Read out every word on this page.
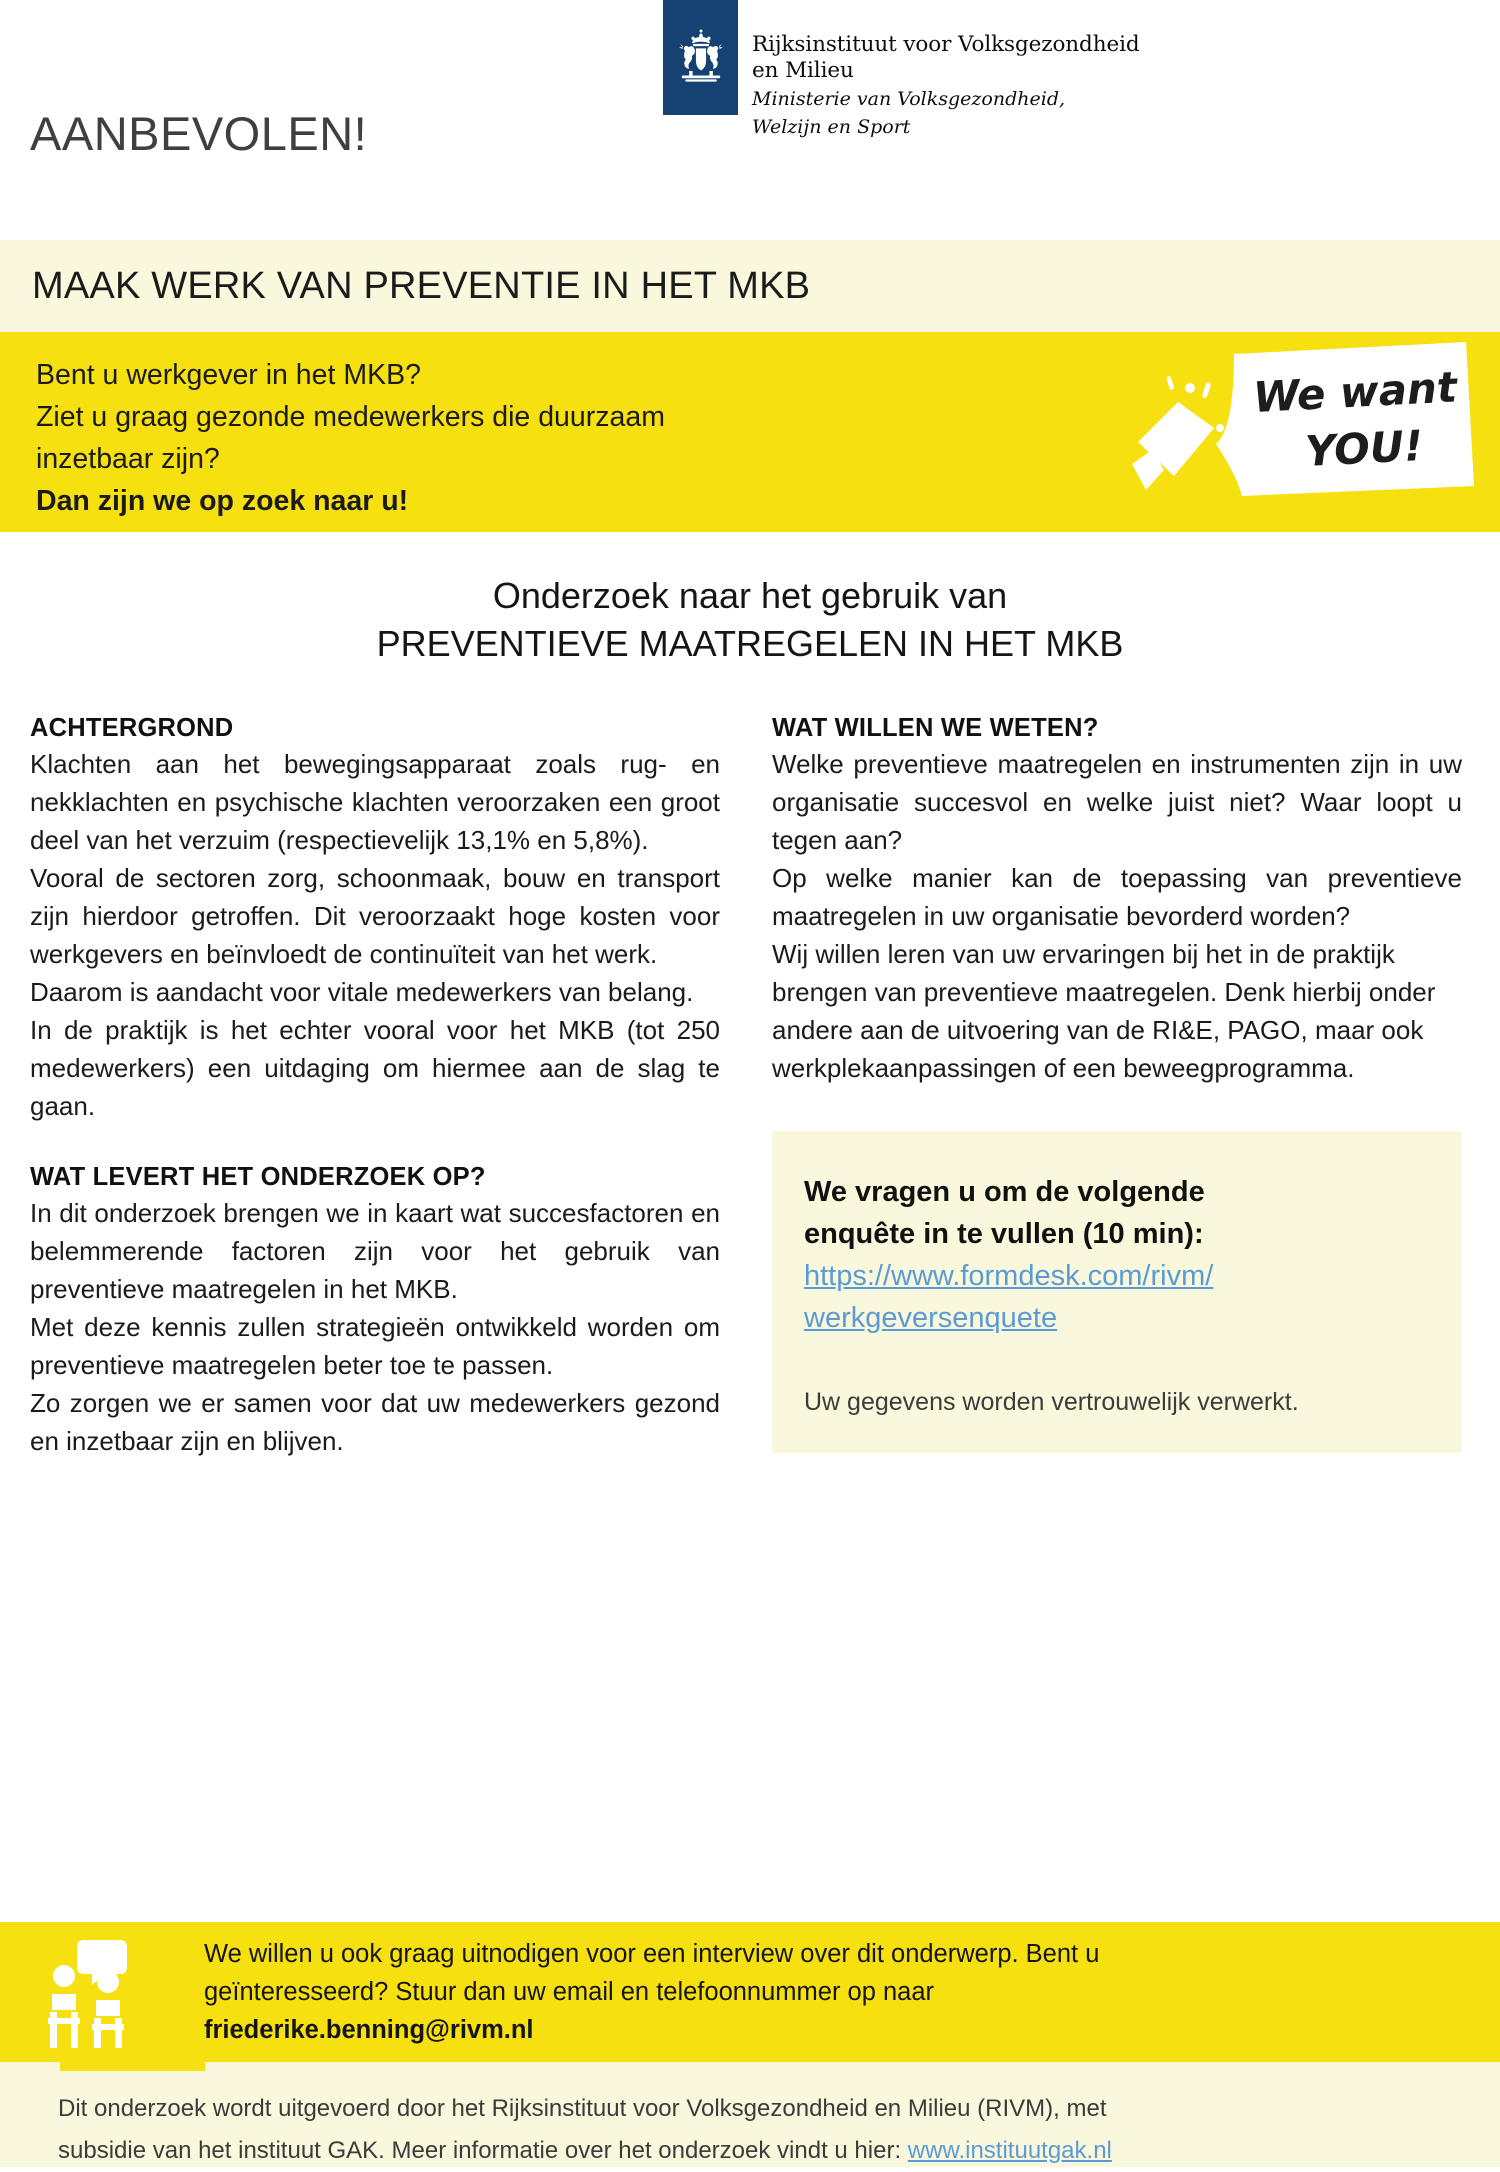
Rijksinstituut voor Volksgezondheid
en Milieu
Ministerie van Volksgezondheid,
Welzijn en Sport
AANBEVOLEN!
MAAK WERK VAN PREVENTIE IN HET MKB
Bent u werkgever in het MKB?
Ziet u graag gezonde medewerkers die duurzaam
inzetbaar zijn?
Dan zijn we op zoek naar u!
We want
YOU!
Onderzoek naar het gebruik van
PREVENTIEVE MAATREGELEN IN HET MKB
ACHTERGROND

Klachten aan het bewegingsapparaat zoals rug- en nekklachten en psychische klachten veroorzaken een groot deel van het verzuim (respectievelijk 13,1% en 5,8%).

Vooral de sectoren zorg, schoonmaak, bouw en transport zijn hierdoor getroffen. Dit veroorzaakt hoge kosten voor werkgevers en beïnvloedt de continuïteit van het werk.

Daarom is aandacht voor vitale medewerkers van belang.

In de praktijk is het echter vooral voor het MKB (tot 250 medewerkers) een uitdaging om hiermee aan de slag te gaan.

WAT LEVERT HET ONDERZOEK OP?

In dit onderzoek brengen we in kaart wat succesfactoren en belemmerende factoren zijn voor het gebruik van preventieve maatregelen in het MKB.

Met deze kennis zullen strategieën ontwikkeld worden om preventieve maatregelen beter toe te passen.

Zo zorgen we er samen voor dat uw medewerkers gezond en inzetbaar zijn en blijven.

WAT WILLEN WE WETEN?

Welke preventieve maatregelen en instrumenten zijn in uw organisatie succesvol en welke juist niet? Waar loopt u tegen aan?

Op welke manier kan de toepassing van preventieve maatregelen in uw organisatie bevorderd worden?

Wij willen leren van uw ervaringen bij het in de praktijk brengen van preventieve maatregelen. Denk hierbij onder andere aan de uitvoering van de RI&E, PAGO, maar ook werkplekaanpassingen of een beweegprogramma.

We vragen u om de volgende
enquête in te vullen (10 min):
https://www.formdesk.com/rivm/
werkgeversenquete
Uw gegevens worden vertrouwelijk verwerkt.
We willen u ook graag uitnodigen voor een interview over dit onderwerp. Bent u
geïnteresseerd? Stuur dan uw email en telefoonnummer op naar
friederike.benning@rivm.nl

Dit onderzoek wordt uitgevoerd door het Rijksinstituut voor Volksgezondheid en Milieu (RIVM), met

subsidie van het instituut GAK. Meer informatie over het onderzoek vindt u hier: www.instituutgak.nl
